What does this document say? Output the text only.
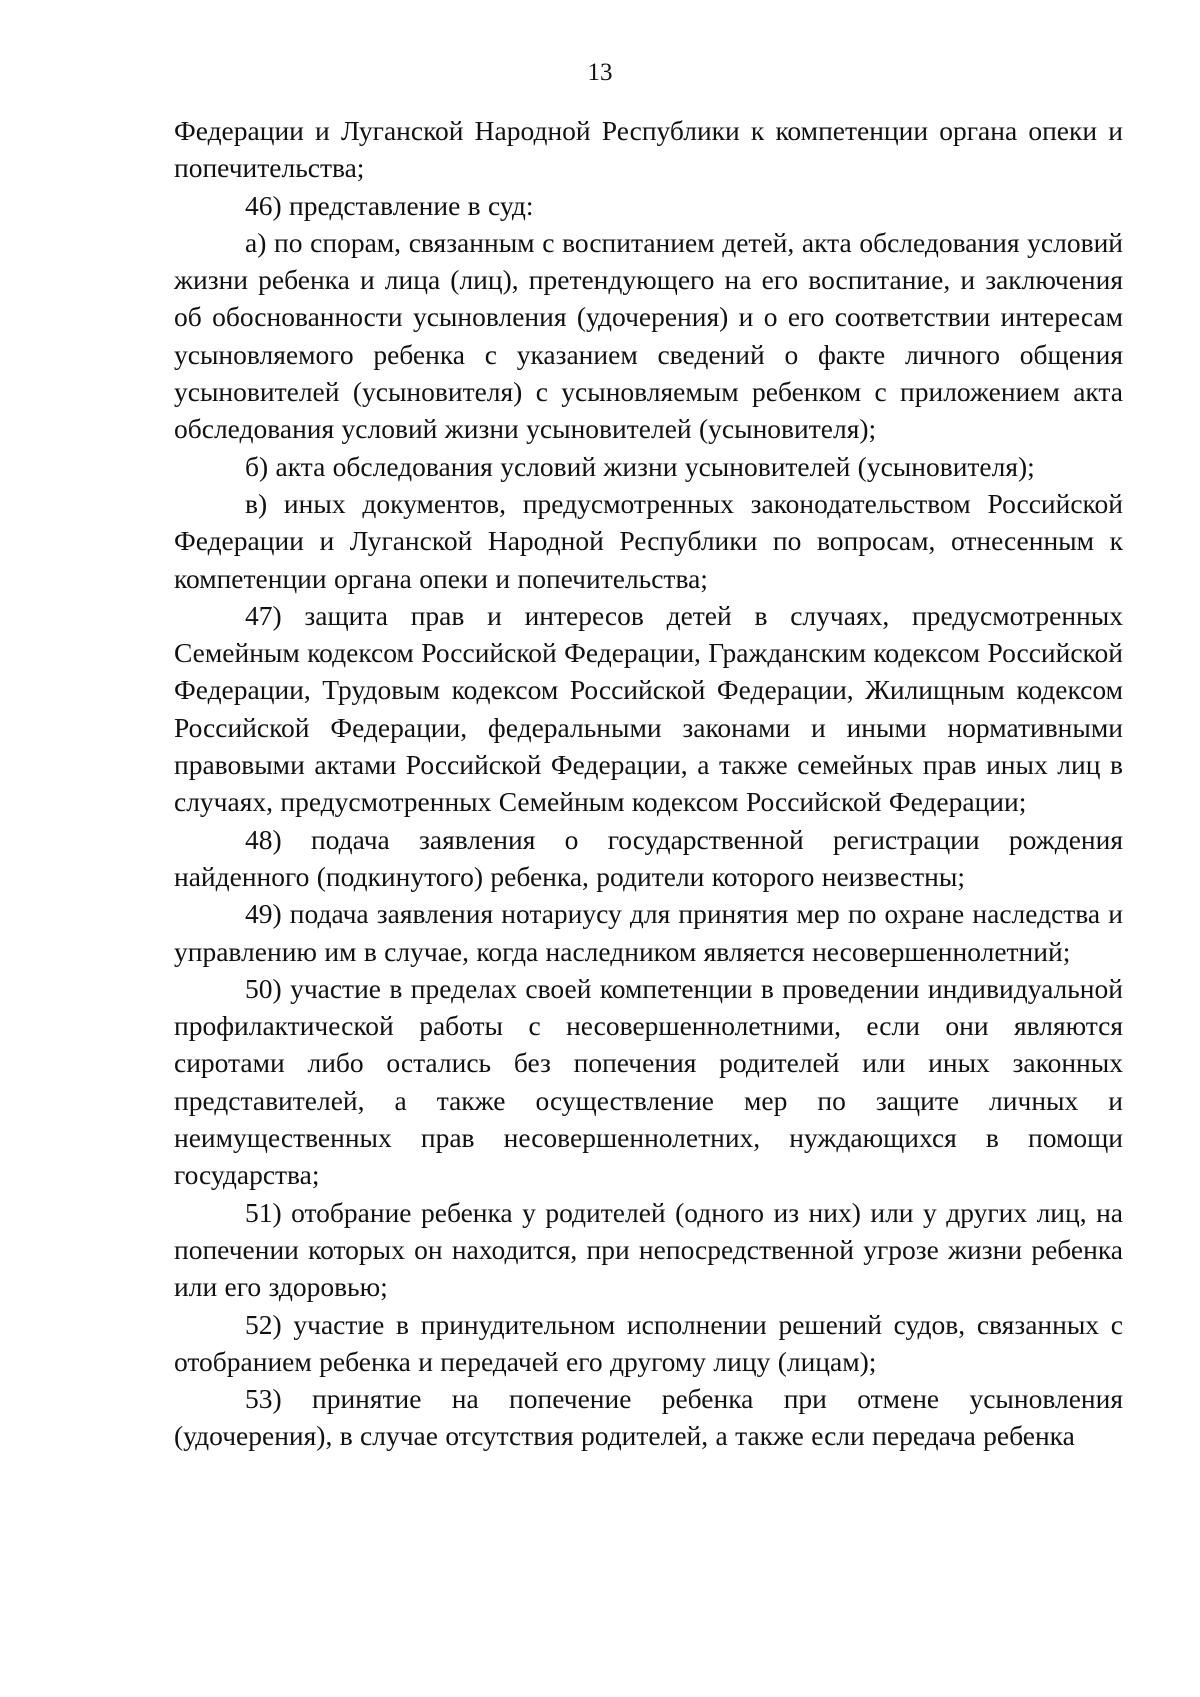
13

Федерации и Луганской Народной Республики к компетенции органа опеки и попечительства;

46) представление в суд:

а) по спорам, связанным с воспитанием детей, акта обследования условий жизни ребенка и лица (лиц), претендующего на его воспитание, и заключения об обоснованности усыновления (удочерения) и о его соответствии интересам усыновляемого ребенка с указанием сведений о факте личного общения усыновителей (усыновителя) с усыновляемым ребенком с приложением акта обследования условий жизни усыновителей (усыновителя);

б) акта обследования условий жизни усыновителей (усыновителя);

в) иных документов, предусмотренных законодательством Российской Федерации и Луганской Народной Республики по вопросам, отнесенным к компетенции органа опеки и попечительства;

47) защита прав и интересов детей в случаях, предусмотренных Семейным кодексом Российской Федерации, Гражданским кодексом Российской Федерации, Трудовым кодексом Российской Федерации, Жилищным кодексом Российской Федерации, федеральными законами и иными нормативными правовыми актами Российской Федерации, а также семейных прав иных лиц в случаях, предусмотренных Семейным кодексом Российской Федерации;

48) подача заявления о государственной регистрации рождения найденного (подкинутого) ребенка, родители которого неизвестны;

49) подача заявления нотариусу для принятия мер по охране наследства и управлению им в случае, когда наследником является несовершеннолетний;

50) участие в пределах своей компетенции в проведении индивидуальной профилактической работы с несовершеннолетними, если они являются сиротами либо остались без попечения родителей или иных законных представителей, а также осуществление мер по защите личных и неимущественных прав несовершеннолетних, нуждающихся в помощи государства;

51) отобрание ребенка у родителей (одного из них) или у других лиц, на попечении которых он находится, при непосредственной угрозе жизни ребенка или его здоровью;

52) участие в принудительном исполнении решений судов, связанных с отобранием ребенка и передачей его другому лицу (лицам);

53) принятие на попечение ребенка при отмене усыновления (удочерения), в случае отсутствия родителей, а также если передача ребенка
